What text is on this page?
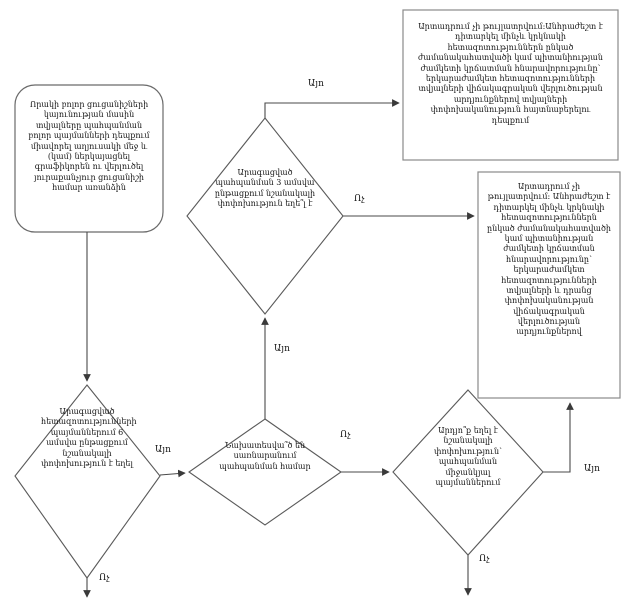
Որակի բոլոր ցուցանիշների կայունության մասին տվյալները պահպանման բոլոր պայմանների դեպքում միավորել աղյուսակի մեջ և (կամ) ներկայացնել գրաֆիկորեն ու վերլուծել յուրաքանչյուր ցուցանիշի համար առանձին
Արտադրում չի թույլատրվում:Անհրաժեշտ է դիտարկել մինչև կրկնակի հետազոտություններն ընկած ժամանակահատվածի կամ պիտանիության ժամկետի կրճատման հնարավորությունը՝ երկարաժամկետ հետազոտությունների տվյալների վիճակագրական վերլուծության արդյունքներով տվյալների փոփոխականություն հայտնաբերելու դեպքում
Արտադրում չի թույլատրվում: Անհրաժեշտ է դիտարկել մինչև կրկնակի հետազոտություններն ընկած ժամանակահատվածի կամ պիտանիության ժամկետի կրճատման հնարավորությունը՝ երկարաժամկետ հետազոտությունների տվյալների և դրանց փոփոխականության վիճակագրական վերլուծության արդյունքներով
Արագացված պահպանման 3 ամսվա ընթացքում նշանակալի փոփոխություն եղե՞լ է
Արագացված հետազոտությունների պայմաններում 6 ամսվա ընթացքում նշանակալի փոփոխություն է եղել
Նախատեսվա՞ծ են սառնարանում պահպանման համար
Արդյո՞ք եղել է նշանակալի փոփոխություն՝ պահպանման միջանկյալ պայմաններում
Այո
Ոչ
Այո
Ոչ
Այո
Ոչ
Այո
Ոչ
